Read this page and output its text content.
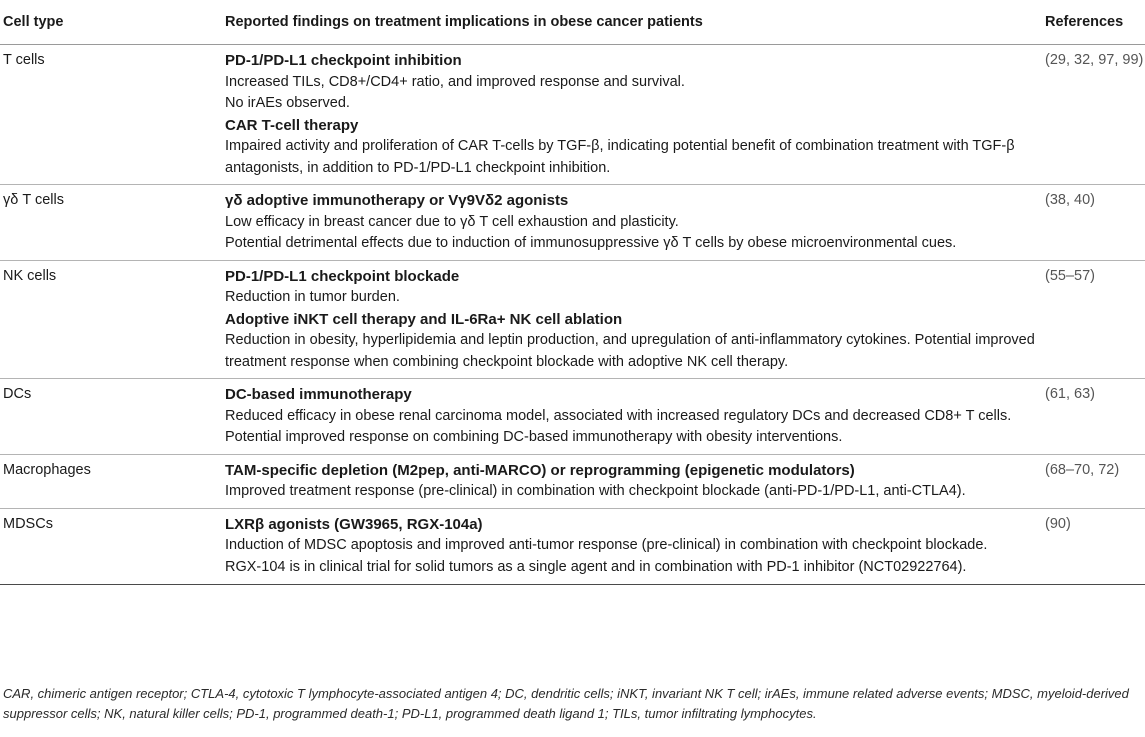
Cell type	Reported findings on treatment implications in obese cancer patients	References
T cells	PD-1/PD-L1 checkpoint inhibition
Increased TILs, CD8+/CD4+ ratio, and improved response and survival.
No irAEs observed.
CAR T-cell therapy
Impaired activity and proliferation of CAR T-cells by TGF-β, indicating potential benefit of combination treatment with TGF-β antagonists, in addition to PD-1/PD-L1 checkpoint inhibition.	(29, 32, 97, 99)
γδ T cells	γδ adoptive immunotherapy or Vγ9Vδ2 agonists
Low efficacy in breast cancer due to γδ T cell exhaustion and plasticity.
Potential detrimental effects due to induction of immunosuppressive γδ T cells by obese microenvironmental cues.	(38, 40)
NK cells	PD-1/PD-L1 checkpoint blockade
Reduction in tumor burden.
Adoptive iNKT cell therapy and IL-6Ra+ NK cell ablation
Reduction in obesity, hyperlipidemia and leptin production, and upregulation of anti-inflammatory cytokines. Potential improved treatment response when combining checkpoint blockade with adoptive NK cell therapy.	(55–57)
DCs	DC-based immunotherapy
Reduced efficacy in obese renal carcinoma model, associated with increased regulatory DCs and decreased CD8+ T cells.
Potential improved response on combining DC-based immunotherapy with obesity interventions.	(61, 63)
Macrophages	TAM-specific depletion (M2pep, anti-MARCO) or reprogramming (epigenetic modulators)
Improved treatment response (pre-clinical) in combination with checkpoint blockade (anti-PD-1/PD-L1, anti-CTLA4).	(68–70, 72)
MDSCs	LXRβ agonists (GW3965, RGX-104a)
Induction of MDSC apoptosis and improved anti-tumor response (pre-clinical) in combination with checkpoint blockade.
RGX-104 is in clinical trial for solid tumors as a single agent and in combination with PD-1 inhibitor (NCT02922764).	(90)
CAR, chimeric antigen receptor; CTLA-4, cytotoxic T lymphocyte-associated antigen 4; DC, dendritic cells; iNKT, invariant NK T cell; irAEs, immune related adverse events; MDSC, myeloid-derived suppressor cells; NK, natural killer cells; PD-1, programmed death-1; PD-L1, programmed death ligand 1; TILs, tumor infiltrating lymphocytes.
